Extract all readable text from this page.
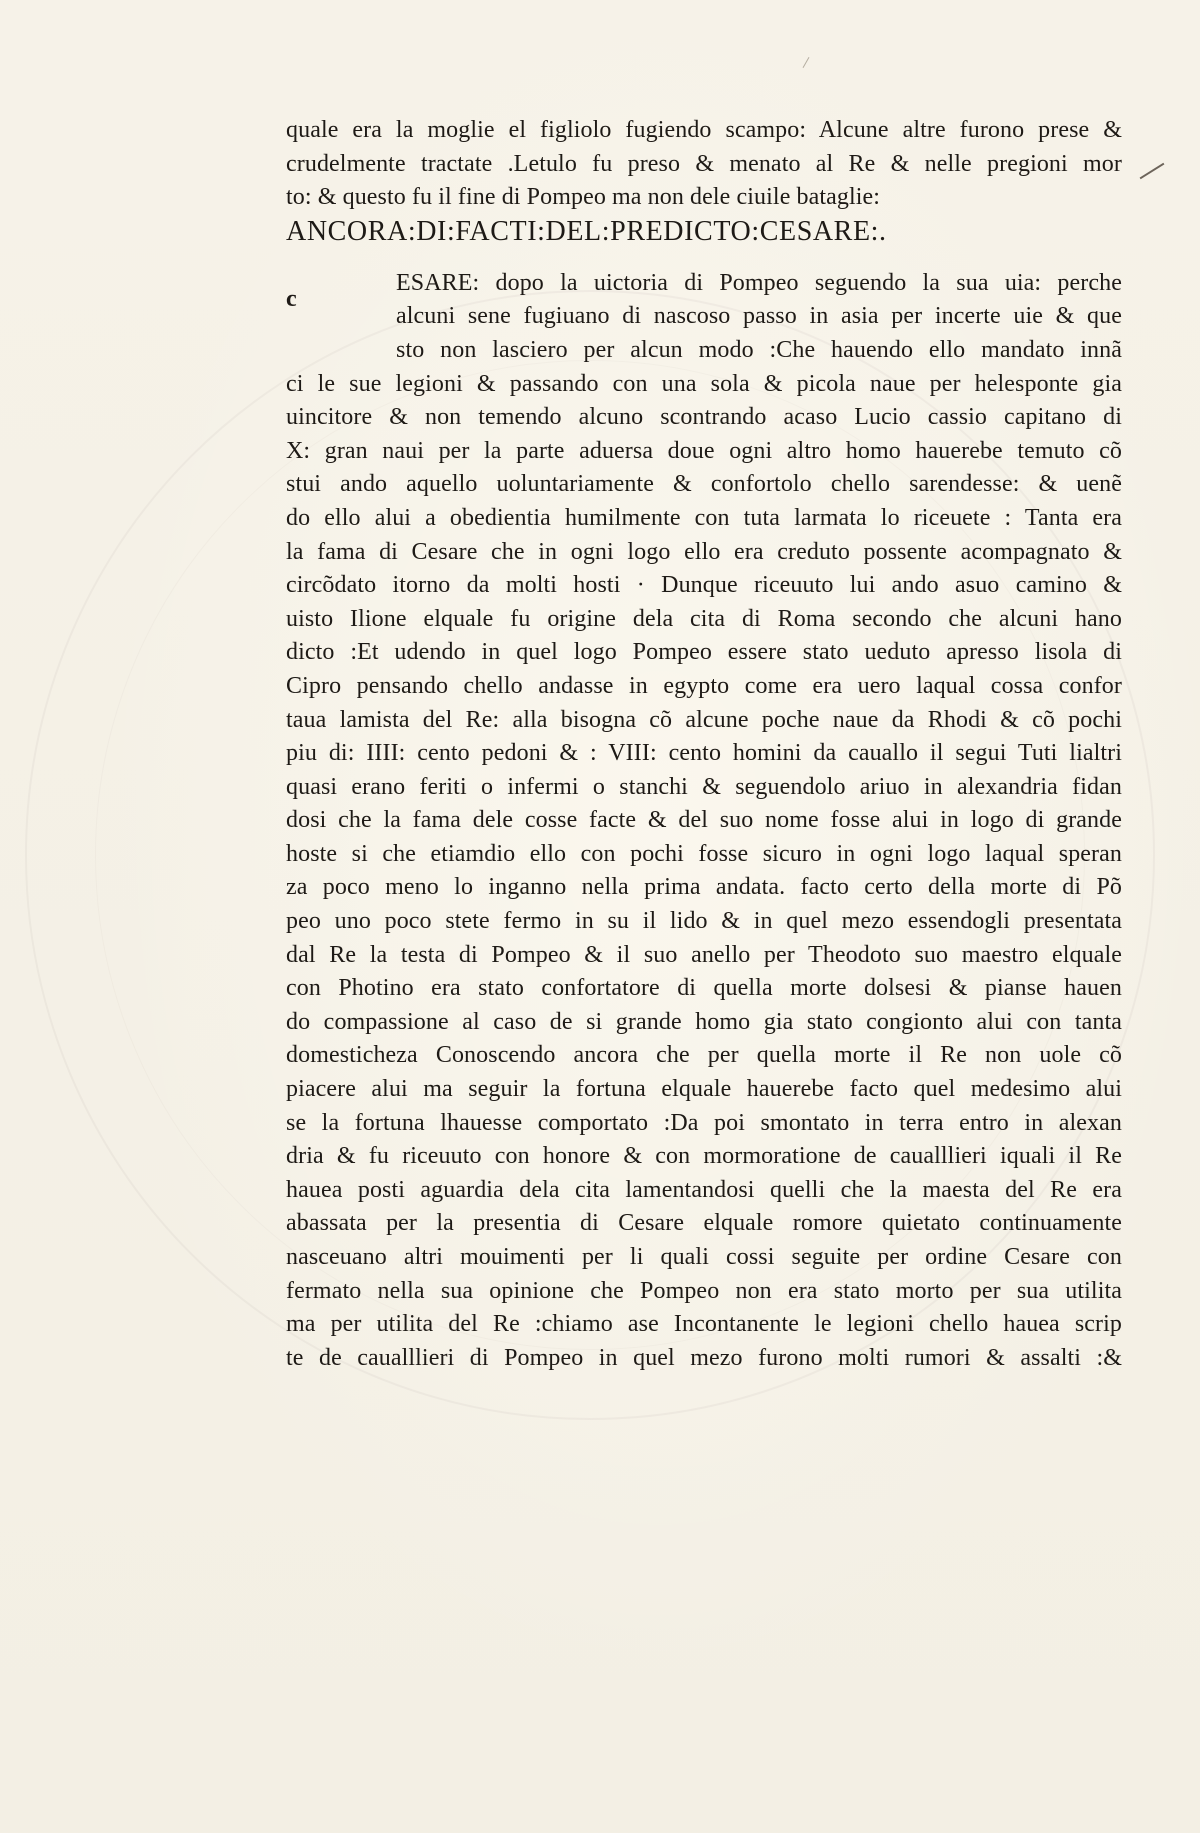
quale era la moglie el figliolo fugiendo scampo: Alcune altre furono prese &
crudelmente tractate .Letulo fu preso & menato al Re & nelle pregioni mor
to: & questo fu il fine di Pompeo ma non dele ciuile bataglie:
ANCORA:DI:FACTI:DEL:PREDICTO:CESARE:.
ESARE: dopo la uictoria di Pompeo seguendo la sua uia: perche
alcuni sene fugiuano di nascoso passo in asia per incerte uie & que
sto non lasciero per alcun modo :Che hauendo ello mandato innã
ci le sue legioni & passando con una sola & picola naue per helespontе gia
uincitore & non temendo alcuno scontrando acaso Lucio cassio capitano di
X: gran naui per la parte aduersa doue ogni altro homo hauerebe temuto cõ
stui ando aquello uoluntariamente & confortolo chello sarendesse: & uenẽ
do ello alui a obedientia humilmente con tuta larmata lo riceuete : Tanta era
la fama di Cesare che in ogni logo ello era creduto possente acompagnato &
circõdato itorno da molti hosti · Dunque riceuuto lui ando asuo camino &
uisto Ilione elquale fu origine dela cita di Roma secondo che alcuni hano
dicto :Et udendo in quel logo Pompeo essere stato ueduto apresso lisola di
Cipro pensando chello andasse in egypto come era uero laqual cossa confor
taua lamista del Re: alla bisogna cõ alcune poche naue da Rhodi & cõ pochi
piu di: IIII: cento pedoni & : VIII: cento homini da cauallo il segui Tuti lialtri
quasi erano feriti o infermi o stanchi & seguendolo ariuo in alexandria fidan
dosi che la fama dele cosse facte & del suo nome fosse alui in logo di grande
hoste si che etiamdio ello con pochi fosse sicuro in ogni logo laqual speran
za poco meno lo inganno nella prima andata. facto certo della morte di Põ
peo uno poco stete fermo in su il lido & in quel mezo essendogli presentata
dal Re la testa di Pompeo & il suo anello per Theodoto suo maestro elquale
con Photino era stato confortatore di quella morte dolsesi & pianse hauen
do compassione al caso de si grande homo gia stato congionto alui con tanta
domesticheza Conoscendo ancora che per quella morte il Re non uole cõ
piacere alui ma seguir la fortuna elquale hauerebe facto quel medesimo alui
se la fortuna lhauesse comportato :Da poi smontato in terra entro in alexan
dria & fu riceuuto con honore & con mormoratione de caualllieri iquali il Re
hauea posti aguardia dela cita lamentandosi quelli che la maesta del Re era
abassata per la presentia di Cesare elquale romore quietato continuamente
nasceuano altri mouimenti per li quali cossi seguite per ordine Cesare con
fermato nella sua opinione che Pompeo non era stato morto per sua utilita
ma per utilita del Re :chiamo ase Incontanente le legioni chello hauea scrip
te de caualllieri di Pompeo in quel mezo furono molti rumori & assalti :&
c
